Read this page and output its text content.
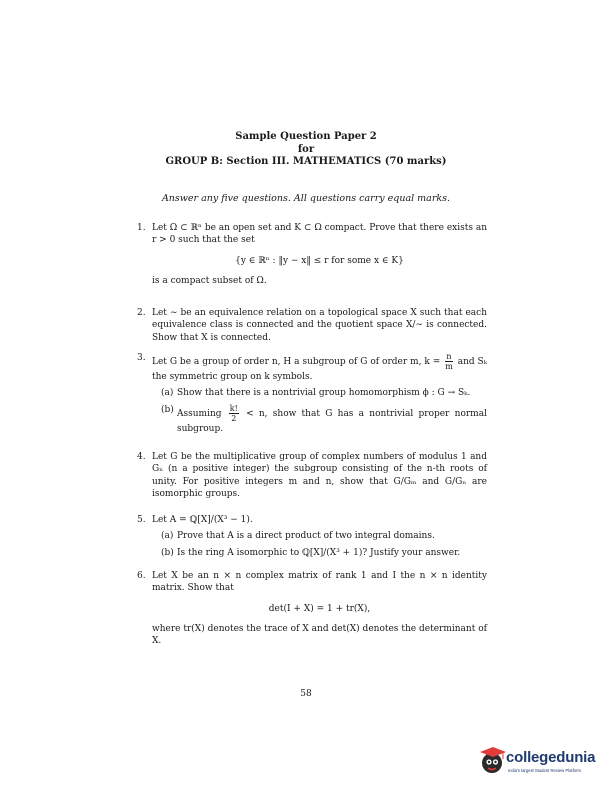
Sample Question Paper 2
for
GROUP B: Section III. MATHEMATICS (70 marks)
Answer any five questions. All questions carry equal marks.
1. Let Ω ⊂ ℝⁿ be an open set and K ⊂ Ω compact. Prove that there exists an r > 0 such that the set
{y ∈ ℝⁿ : ‖y − x‖ ≤ r for some x ∈ K}
is a compact subset of Ω.
2. Let ∼ be an equivalence relation on a topological space X such that each equivalence class is connected and the quotient space X/∼ is connected. Show that X is connected.
3. Let G be a group of order n, H a subgroup of G of order m, $k = \frac{n}{m}$ and Sₖ the symmetric group on k symbols.
(a) Show that there is a nontrivial group homomorphism ϕ : G → Sₖ.
(b) Assuming $\frac{k!}{2} < n$, show that G has a nontrivial proper normal subgroup.
4. Let G be the multiplicative group of complex numbers of modulus 1 and Gₙ (n a positive integer) the subgroup consisting of the n-th roots of unity. For positive integers m and n, show that G/Gₘ and G/Gₙ are isomorphic groups.
5. Let A = ℚ[X]/(X³ − 1).
(a) Prove that A is a direct product of two integral domains.
(b) Is the ring A isomorphic to ℚ[X]/(X³ + 1)? Justify your answer.
6. Let X be an n × n complex matrix of rank 1 and I the n × n identity matrix. Show that
det(I + X) = 1 + tr(X),
where tr(X) denotes the trace of X and det(X) denotes the determinant of X.
58
collegedunia
India's largest Student Review Platform
